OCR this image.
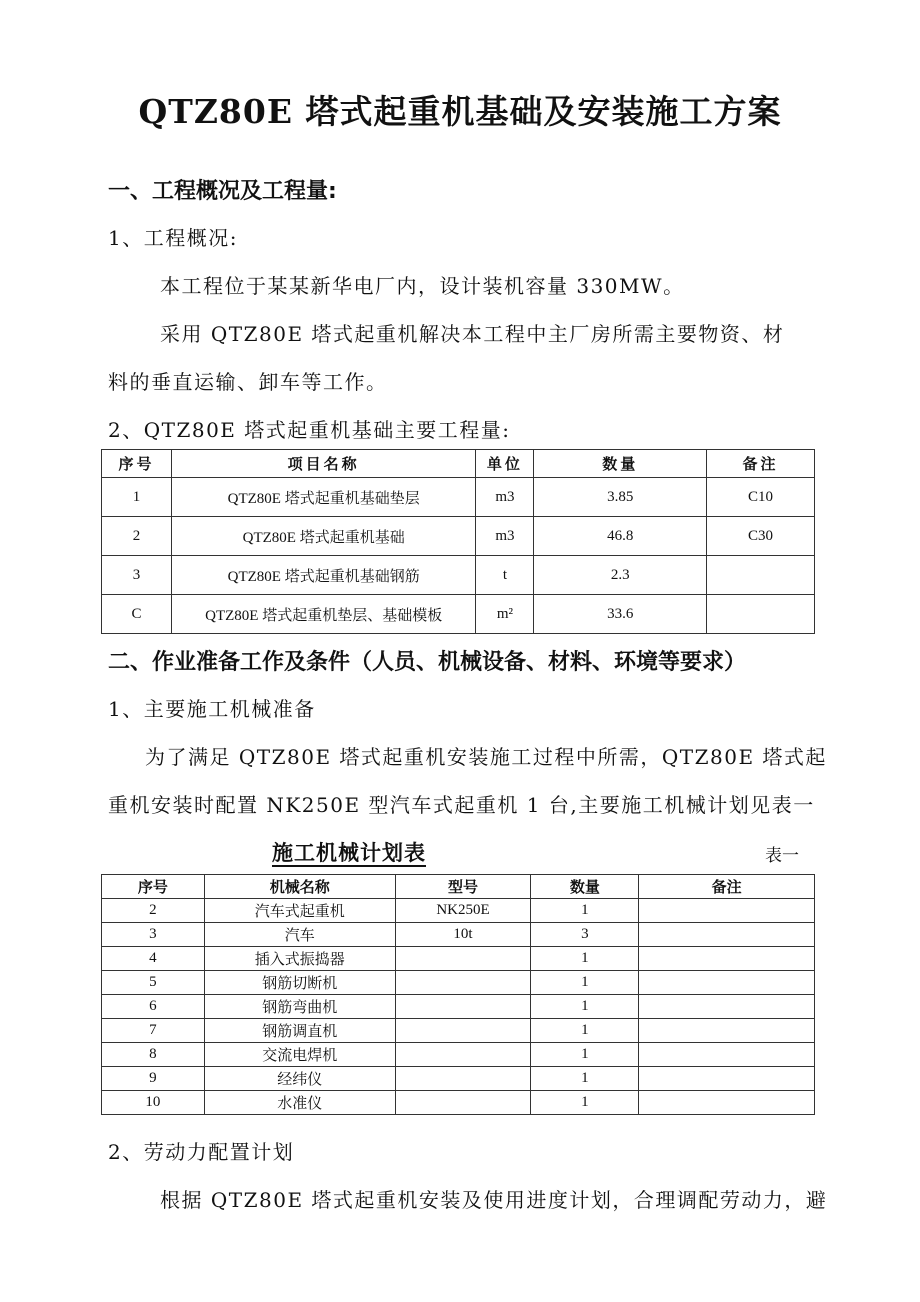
QTZ80E 塔式起重机基础及安装施工方案
一、工程概况及工程量:
1、工程概况:
本工程位于某某新华电厂内，设计装机容量 330MW。
采用 QTZ80E 塔式起重机解决本工程中主厂房所需主要物资、材
料的垂直运输、卸车等工作。
2、QTZ80E 塔式起重机基础主要工程量:
序号	项目名称	单位	数量	备注
1	QTZ80E 塔式起重机基础垫层	m3	3.85	C10
2	QTZ80E 塔式起重机基础	m3	46.8	C30
3	QTZ80E 塔式起重机基础钢筋	t	2.3	
C	QTZ80E 塔式起重机垫层、基础模板	m²	33.6	
二、作业准备工作及条件（人员、机械设备、材料、环境等要求）
1、主要施工机械准备
为了满足 QTZ80E 塔式起重机安装施工过程中所需，QTZ80E 塔式起
重机安装时配置 NK250E 型汽车式起重机 1 台,主要施工机械计划见表一
施工机械计划表	表一
序号	机械名称	型号	数量	备注
2	汽车式起重机	NK250E	1	
3	汽车	10t	3	
4	插入式振捣器		1	
5	钢筋切断机		1	
6	钢筋弯曲机		1	
7	钢筋调直机		1	
8	交流电焊机		1	
9	经纬仪		1	
10	水准仪		1	
2、劳动力配置计划
根据 QTZ80E 塔式起重机安装及使用进度计划，合理调配劳动力，避
